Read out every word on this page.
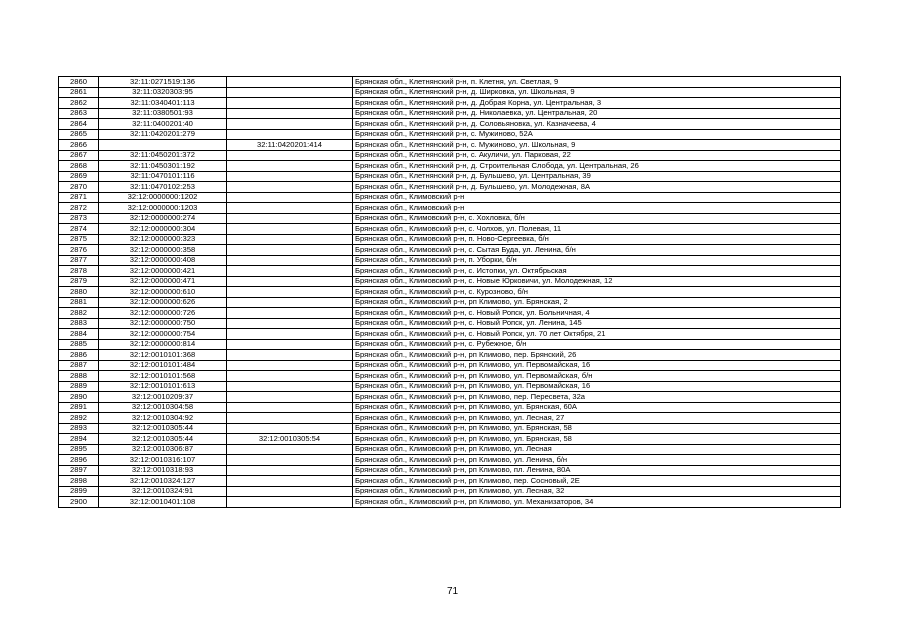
2860	32:11:0271519:136		Брянская обл., Клетнянский р-н, п. Клетня, ул. Светлая, 9
2861	32:11:0320303:95		Брянская обл., Клетнянский р-н, д. Ширковка, ул. Школьная, 9
2862	32:11:0340401:113		Брянская обл., Клетнянский р-н, д. Добрая Корна, ул. Центральная, 3
2863	32:11:0380501:93		Брянская обл., Клетнянский р-н, д. Николаевка, ул. Центральная, 20
2864	32:11:0400201:40		Брянская обл., Клетнянский р-н, д. Соловьяновка, ул. Казначеева, 4
2865	32:11:0420201:279		Брянская обл., Клетнянский р-н, с. Мужиново, 52А
2866		32:11:0420201:414	Брянская обл., Клетнянский р-н, с. Мужиново, ул. Школьная, 9
2867	32:11:0450201:372		Брянская обл., Клетнянский р-н, с. Акуличи, ул. Парковая, 22
2868	32:11:0450301:192		Брянская обл., Клетнянский р-н, д. Строительная Слобода, ул. Центральная, 26
2869	32:11:0470101:116		Брянская обл., Клетнянский р-н, д. Бульшево, ул. Центральная, 39
2870	32:11:0470102:253		Брянская обл., Клетнянский р-н, д. Бульшево, ул. Молодежная, 8А
2871	32:12:0000000:1202		Брянская обл., Климовский р-н
2872	32:12:0000000:1203		Брянская обл., Климовский р-н
2873	32:12:0000000:274		Брянская обл., Климовский р-н, с. Хохловка, б/н
2874	32:12:0000000:304		Брянская обл., Климовский р-н, с. Чолхов, ул. Полевая, 11
2875	32:12:0000000:323		Брянская обл., Климовский р-н, п. Ново-Сергеевка, б/н
2876	32:12:0000000:358		Брянская обл., Климовский р-н, с. Сытая Буда, ул. Ленина, б/н
2877	32:12:0000000:408		Брянская обл., Климовский р-н, п. Уборки, б/н
2878	32:12:0000000:421		Брянская обл., Климовский р-н, с. Истопки, ул. Октябрьская
2879	32:12:0000000:471		Брянская обл., Климовский р-н, с. Новые Юрковичи, ул. Молодежная, 12
2880	32:12:0000000:610		Брянская обл., Климовский р-н, с. Курозново, б/н
2881	32:12:0000000:626		Брянская обл., Климовский р-н, рп Климово, ул. Брянская, 2
2882	32:12:0000000:726		Брянская обл., Климовский р-н, с. Новый Ропск, ул. Больничная, 4
2883	32:12:0000000:750		Брянская обл., Климовский р-н, с. Новый Ропск, ул. Ленина, 145
2884	32:12:0000000:754		Брянская обл., Климовский р-н, с. Новый Ропск, ул. 70 лет Октября, 21
2885	32:12:0000000:814		Брянская обл., Климовский р-н, с. Рубежное, б/н
2886	32:12:0010101:368		Брянская обл., Климовский р-н, рп Климово, пер. Брянский, 26
2887	32:12:0010101:484		Брянская обл., Климовский р-н, рп Климово, ул. Первомайская, 16
2888	32:12:0010101:568		Брянская обл., Климовский р-н, рп Климово, ул. Первомайская, б/н
2889	32:12:0010101:613		Брянская обл., Климовский р-н, рп Климово, ул. Первомайская, 16
2890	32:12:0010209:37		Брянская обл., Климовский р-н, рп Климово, пер. Пересвета, 32а
2891	32:12:0010304:58		Брянская обл., Климовский р-н, рп Климово, ул. Брянская, 60А
2892	32:12:0010304:92		Брянская обл., Климовский р-н, рп Климово, ул. Лесная, 27
2893	32:12:0010305:44		Брянская обл., Климовский р-н, рп Климово, ул. Брянская, 58
2894	32:12:0010305:44	32:12:0010305:54	Брянская обл., Климовский р-н, рп Климово, ул. Брянская, 58
2895	32:12:0010306:87		Брянская обл., Климовский р-н, рп Климово, ул. Лесная
2896	32:12:0010316:107		Брянская обл., Климовский р-н, рп Климово, ул. Ленина, б/н
2897	32:12:0010318:93		Брянская обл., Климовский р-н, рп Климово, пл. Ленина, 80А
2898	32:12:0010324:127		Брянская обл., Климовский р-н, рп Климово, пер. Сосновый, 2Е
2899	32:12:0010324:91		Брянская обл., Климовский р-н, рп Климово, ул. Лесная, 32
2900	32:12:0010401:108		Брянская обл., Климовский р-н, рп Климово, ул. Механизаторов, 34
71
